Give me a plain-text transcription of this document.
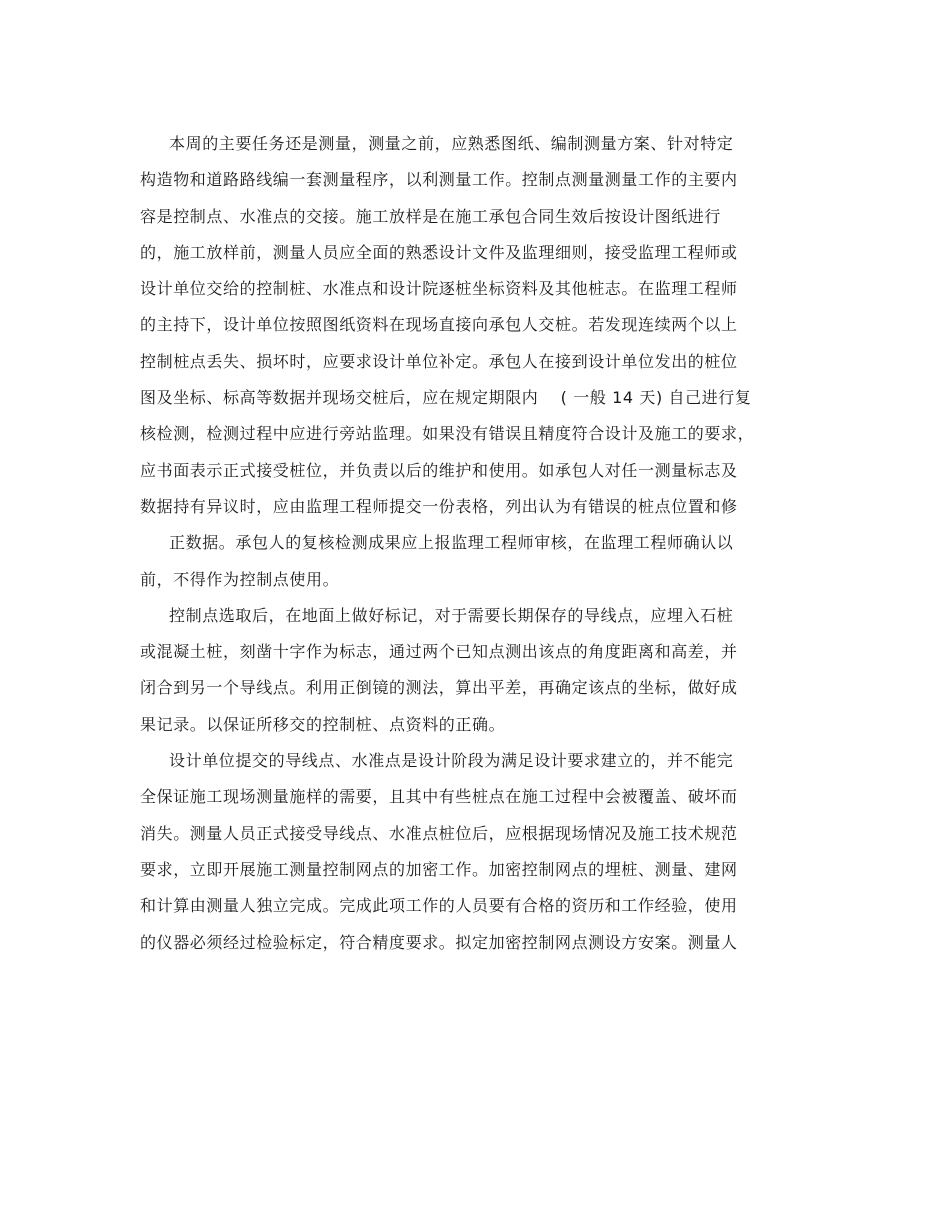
本周的主要任务还是测量，测量之前，应熟悉图纸、编制测量方案、针对特定
构造物和道路路线编一套测量程序，以利测量工作。控制点测量测量工作的主要内
容是控制点、水准点的交接。施工放样是在施工承包合同生效后按设计图纸进行
的，施工放样前，测量人员应全面的熟悉设计文件及监理细则，接受监理工程师或
设计单位交给的控制桩、水准点和设计院逐桩坐标资料及其他桩志。在监理工程师
的主持下，设计单位按照图纸资料在现场直接向承包人交桩。若发现连续两个以上
控制桩点丢失、损坏时，应要求设计单位补定。承包人在接到设计单位发出的桩位
图及坐标、标高等数据并现场交桩后，应在规定期限内　 ( 一般 14 天) 自己进行复
核检测，检测过程中应进行旁站监理。如果没有错误且精度符合设计及施工的要求，
应书面表示正式接受桩位，并负责以后的维护和使用。如承包人对任一测量标志及
数据持有异议时，应由监理工程师提交一份表格，列出认为有错误的桩点位置和修
正数据。承包人的复核检测成果应上报监理工程师审核，在监理工程师确认以
前，不得作为控制点使用。
控制点选取后，在地面上做好标记，对于需要长期保存的导线点，应埋入石桩
或混凝土桩，刻凿十字作为标志，通过两个已知点测出该点的角度距离和高差，并
闭合到另一个导线点。利用正倒镜的测法，算出平差，再确定该点的坐标，做好成
果记录。以保证所移交的控制桩、点资料的正确。
设计单位提交的导线点、水准点是设计阶段为满足设计要求建立的，并不能完
全保证施工现场测量施样的需要，且其中有些桩点在施工过程中会被覆盖、破坏而
消失。测量人员正式接受导线点、水准点桩位后，应根据现场情况及施工技术规范
要求，立即开展施工测量控制网点的加密工作。加密控制网点的埋桩、测量、建网
和计算由测量人独立完成。完成此项工作的人员要有合格的资历和工作经验，使用
的仪器必须经过检验标定，符合精度要求。拟定加密控制网点测设方安案。测量人
